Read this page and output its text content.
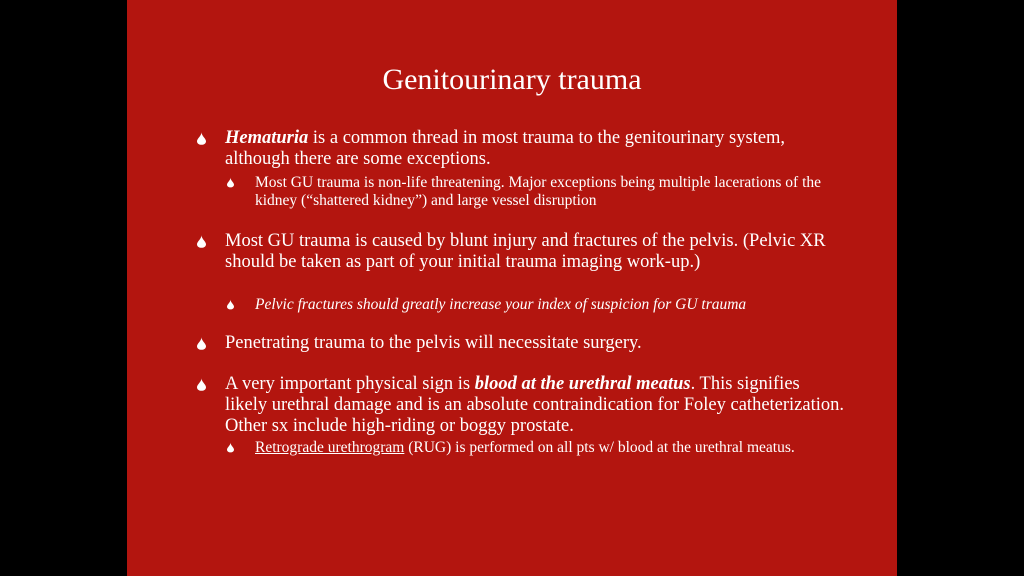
Genitourinary trauma
Hematuria is a common thread in most trauma to the genitourinary system, although there are some exceptions.
Most GU trauma is non-life threatening. Major exceptions being multiple lacerations of the kidney (“shattered kidney”) and large vessel disruption
Most GU trauma is caused by blunt injury and fractures of the pelvis. (Pelvic XR should be taken as part of your initial trauma imaging work-up.)
Pelvic fractures should greatly increase your index of suspicion for GU trauma
Penetrating trauma to the pelvis will necessitate surgery.
A very important physical sign is blood at the urethral meatus. This signifies likely urethral damage and is an absolute contraindication for Foley catheterization. Other sx include high-riding or boggy prostate.
Retrograde urethrogram (RUG) is performed on all pts w/ blood at the urethral meatus.
